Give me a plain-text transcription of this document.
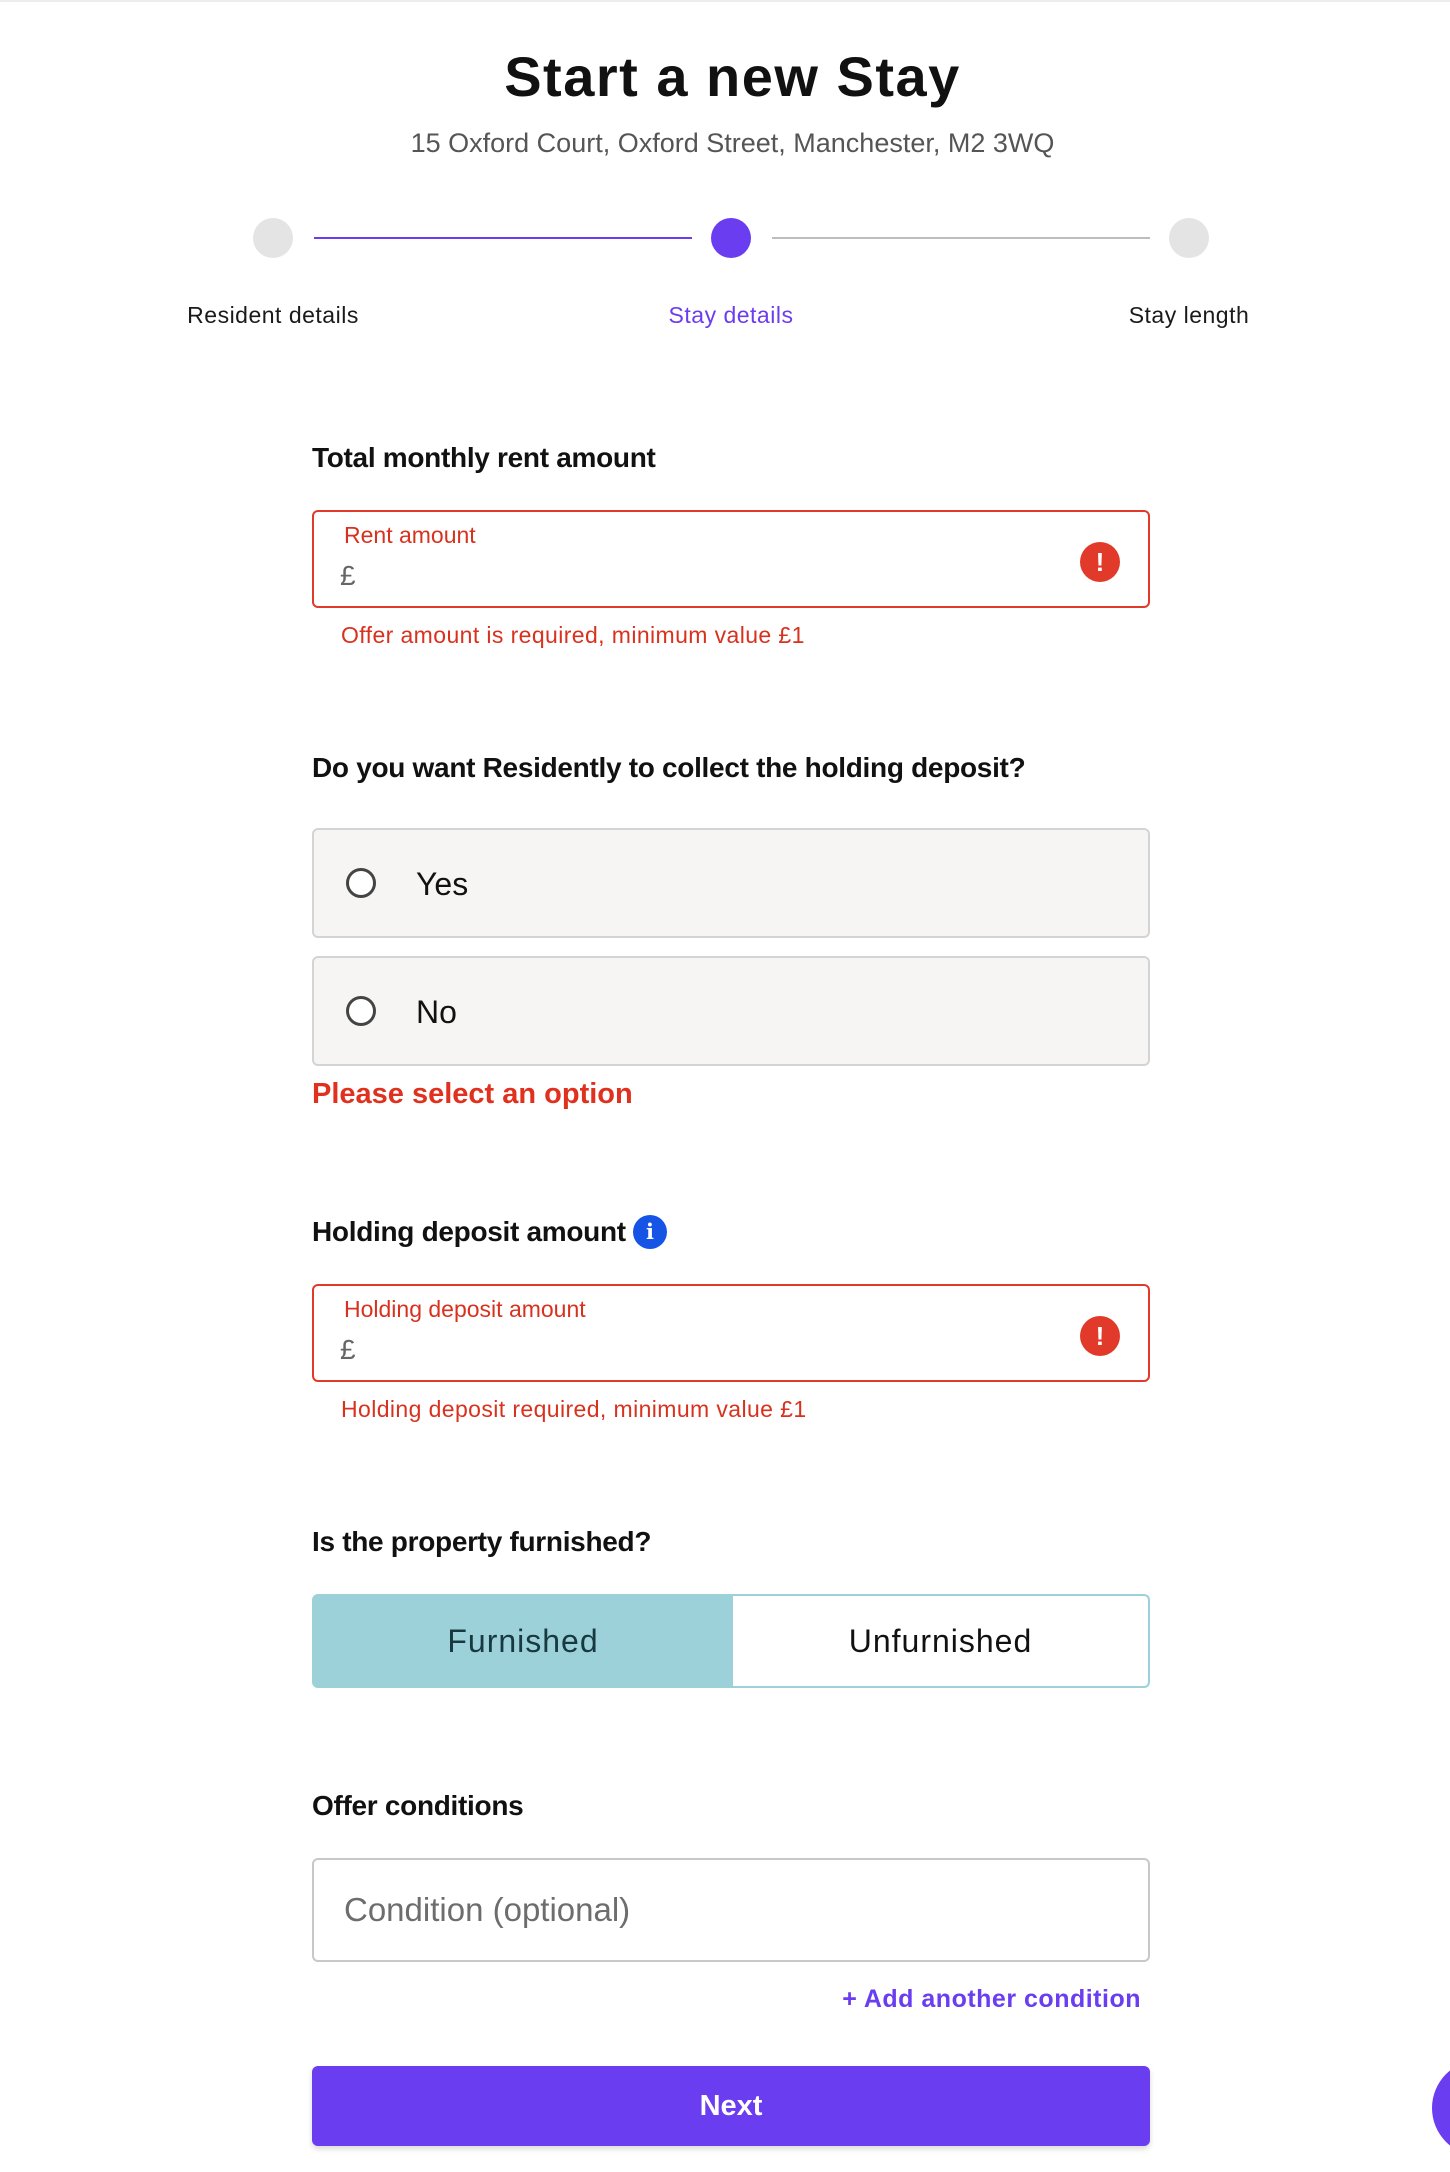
Start a new Stay
15 Oxford Court, Oxford Street, Manchester, M2 3WQ
Resident details	Stay details	Stay length
Total monthly rent amount
Rent amount
£	!
Offer amount is required, minimum value £1
Do you want Residently to collect the holding deposit?
Yes
No
Please select an option
Holding deposit amount i
Holding deposit amount
£	!
Holding deposit required, minimum value £1
Is the property furnished?
Furnished	Unfurnished
Offer conditions
Condition (optional)
+ Add another condition
Next
